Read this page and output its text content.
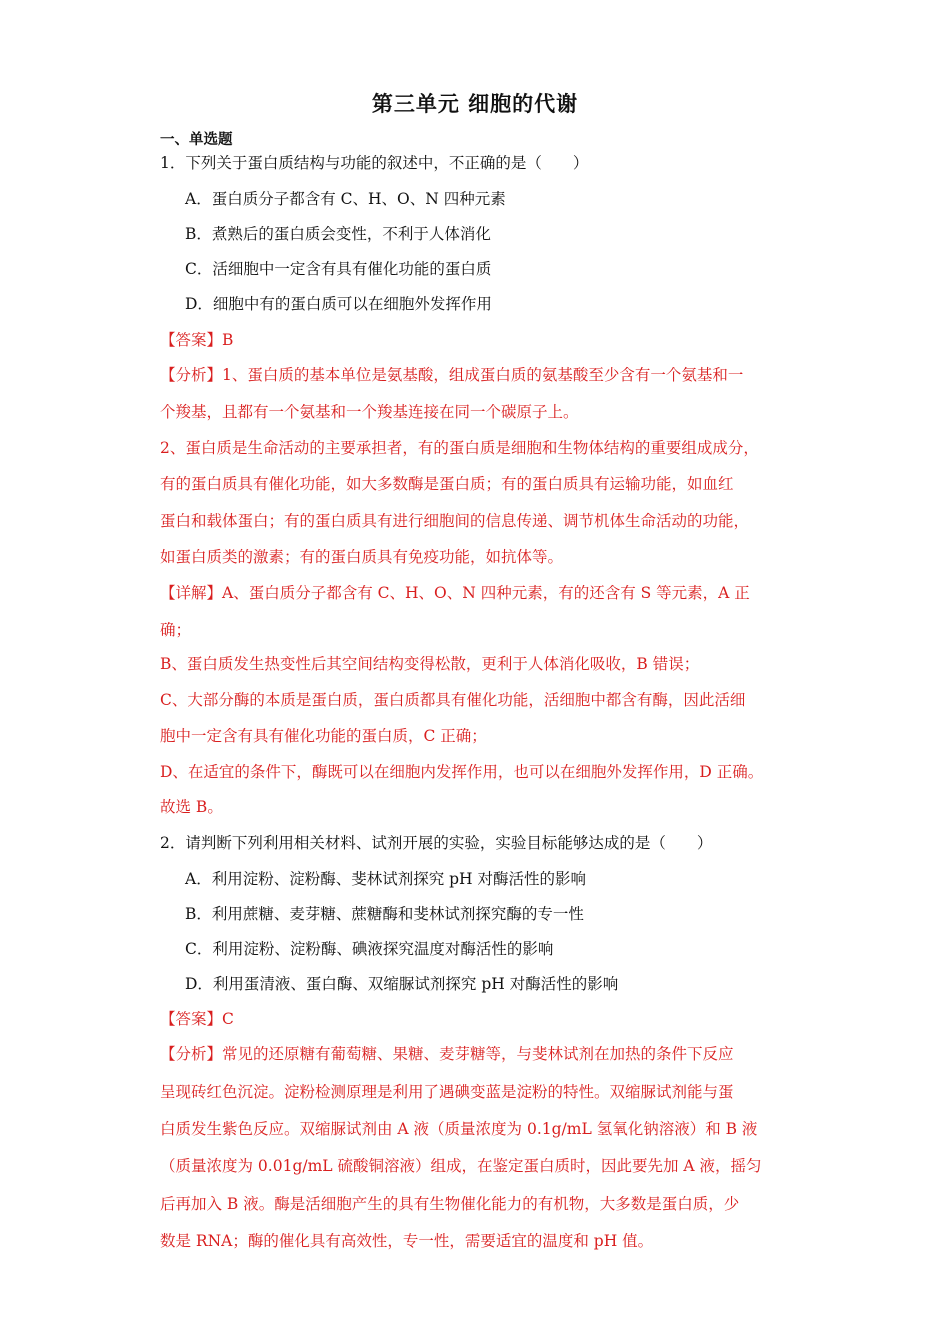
第三单元 细胞的代谢
一、单选题
1．下列关于蛋白质结构与功能的叙述中，不正确的是（　　）
A．蛋白质分子都含有 C、H、O、N 四种元素
B．煮熟后的蛋白质会变性，不利于人体消化
C．活细胞中一定含有具有催化功能的蛋白质
D．细胞中有的蛋白质可以在细胞外发挥作用
【答案】B
【分析】1、蛋白质的基本单位是氨基酸，组成蛋白质的氨基酸至少含有一个氨基和一
个羧基，且都有一个氨基和一个羧基连接在同一个碳原子上。
2、蛋白质是生命活动的主要承担者，有的蛋白质是细胞和生物体结构的重要组成成分，
有的蛋白质具有催化功能，如大多数酶是蛋白质；有的蛋白质具有运输功能，如血红
蛋白和载体蛋白；有的蛋白质具有进行细胞间的信息传递、调节机体生命活动的功能，
如蛋白质类的激素；有的蛋白质具有免疫功能，如抗体等。
【详解】A、蛋白质分子都含有 C、H、O、N 四种元素，有的还含有 S 等元素，A 正
确；
B、蛋白质发生热变性后其空间结构变得松散，更利于人体消化吸收，B 错误；
C、大部分酶的本质是蛋白质，蛋白质都具有催化功能，活细胞中都含有酶，因此活细
胞中一定含有具有催化功能的蛋白质，C 正确；
D、在适宜的条件下，酶既可以在细胞内发挥作用，也可以在细胞外发挥作用，D 正确。
故选 B。
2．请判断下列利用相关材料、试剂开展的实验，实验目标能够达成的是（　　）
A．利用淀粉、淀粉酶、斐林试剂探究 pH 对酶活性的影响
B．利用蔗糖、麦芽糖、蔗糖酶和斐林试剂探究酶的专一性
C．利用淀粉、淀粉酶、碘液探究温度对酶活性的影响
D．利用蛋清液、蛋白酶、双缩脲试剂探究 pH 对酶活性的影响
【答案】C
【分析】常见的还原糖有葡萄糖、果糖、麦芽糖等，与斐林试剂在加热的条件下反应
呈现砖红色沉淀。淀粉检测原理是利用了遇碘变蓝是淀粉的特性。双缩脲试剂能与蛋
白质发生紫色反应。双缩脲试剂由 A 液（质量浓度为 0.1g/mL 氢氧化钠溶液）和 B 液
（质量浓度为 0.01g/mL 硫酸铜溶液）组成，在鉴定蛋白质时，因此要先加 A 液，摇匀
后再加入 B 液。酶是活细胞产生的具有生物催化能力的有机物，大多数是蛋白质，少
数是 RNA；酶的催化具有高效性，专一性，需要适宜的温度和 pH 值。
